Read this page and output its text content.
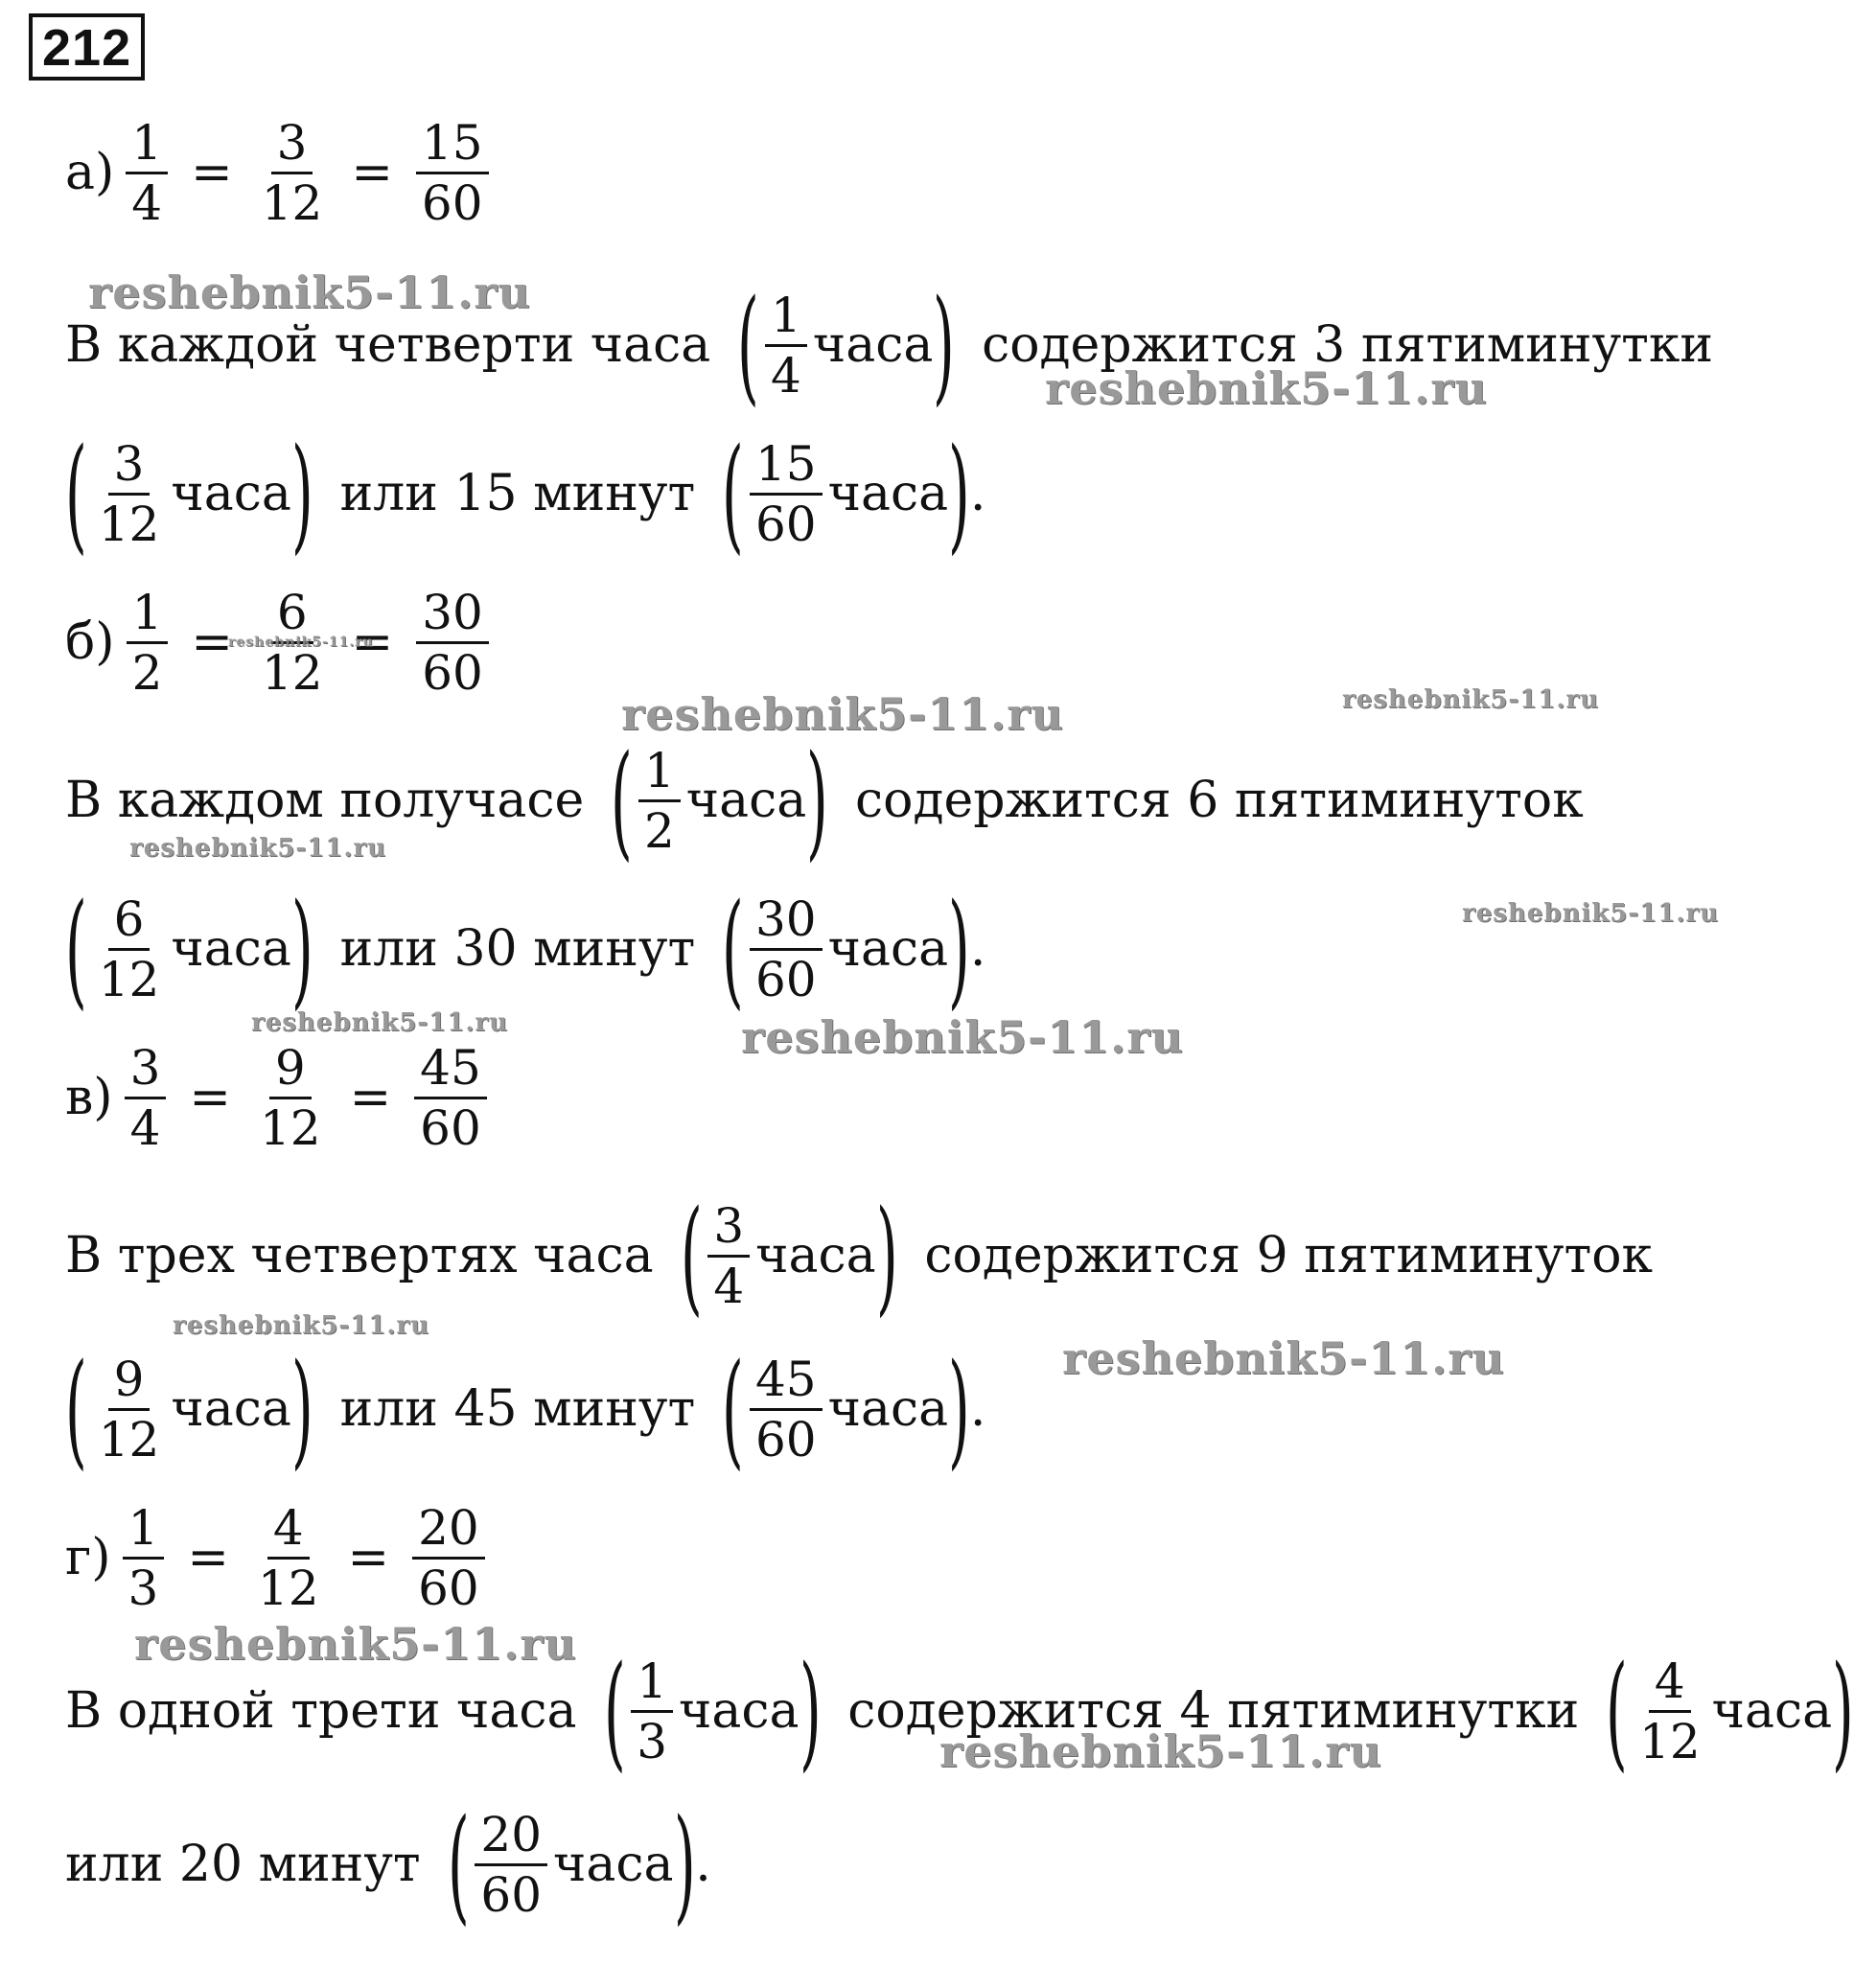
212
$а) \frac{1}{4} = \frac{3}{12} = \frac{15}{60}$
В каждой четверти часа ( $\frac{1}{4}$ часа ) содержится 3 пятиминутки
( $\frac{3}{12}$ часа ) или 15 минут ( $\frac{15}{60}$ часа ) .
$б) \frac{1}{2} = \frac{6}{12} = \frac{30}{60}$
В каждом получасе ( $\frac{1}{2}$ часа ) содержится 6 пятиминуток
( $\frac{6}{12}$ часа ) или 30 минут ( $\frac{30}{60}$ часа ) .
$в) \frac{3}{4} = \frac{9}{12} = \frac{45}{60}$
В трех четвертях часа ( $\frac{3}{4}$ часа ) содержится 9 пятиминуток
( $\frac{9}{12}$ часа ) или 45 минут ( $\frac{45}{60}$ часа ) .
$г) \frac{1}{3} = \frac{4}{12} = \frac{20}{60}$
В одной трети часа ( $\frac{1}{3}$ часа ) содержится 4 пятиминутки ( $\frac{4}{12}$ часа )
или 20 минут ( $\frac{20}{60}$ часа ) .
reshebnik5-11.ru
reshebnik5-11.ru
reshebnik5-11.ru
reshebnik5-11.ru	reshebnik5-11.ru
reshebnik5-11.ru
reshebnik5-11.ru
reshebnik5-11.ru	reshebnik5-11.ru
reshebnik5-11.ru
reshebnik5-11.ru
reshebnik5-11.ru
reshebnik5-11.ru
